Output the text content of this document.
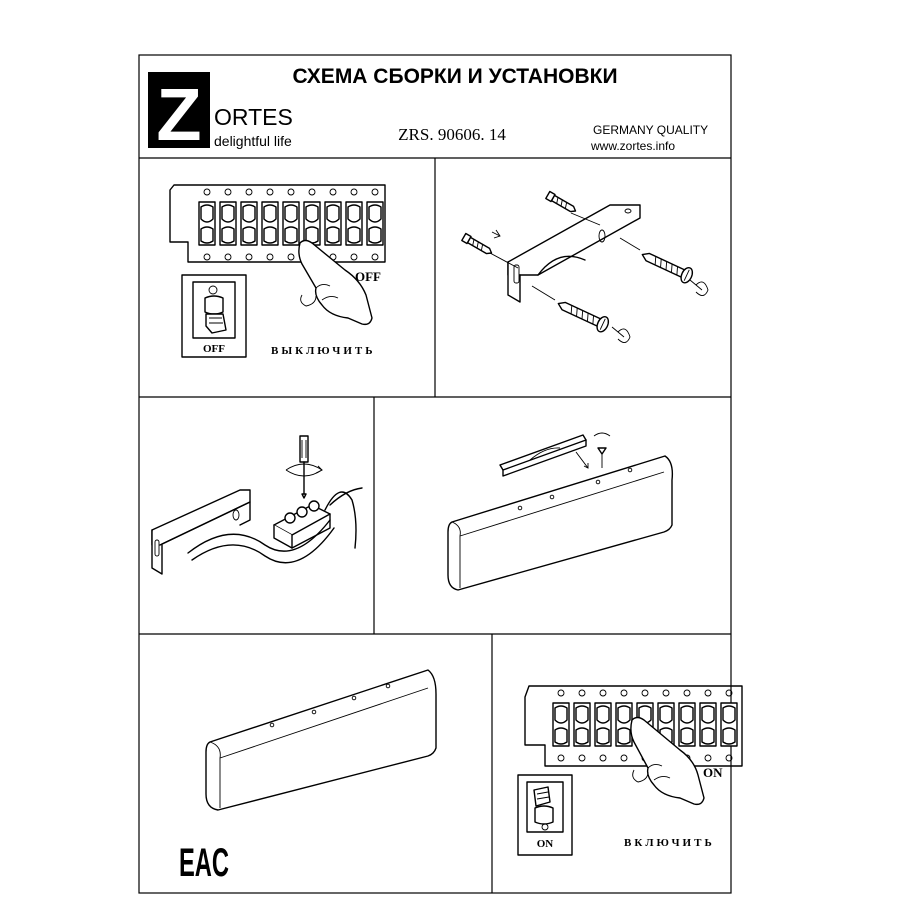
Z ORTES
delightful life
СХЕМА СБОРКИ И УСТАНОВКИ
ZRS. 90606. 14	GERMANY QUALITY
www.zortes.info
OFF
OFF	ВЫКЛЮЧИТЬ
ON
ON	ВКЛЮЧИТЬ
EAC
